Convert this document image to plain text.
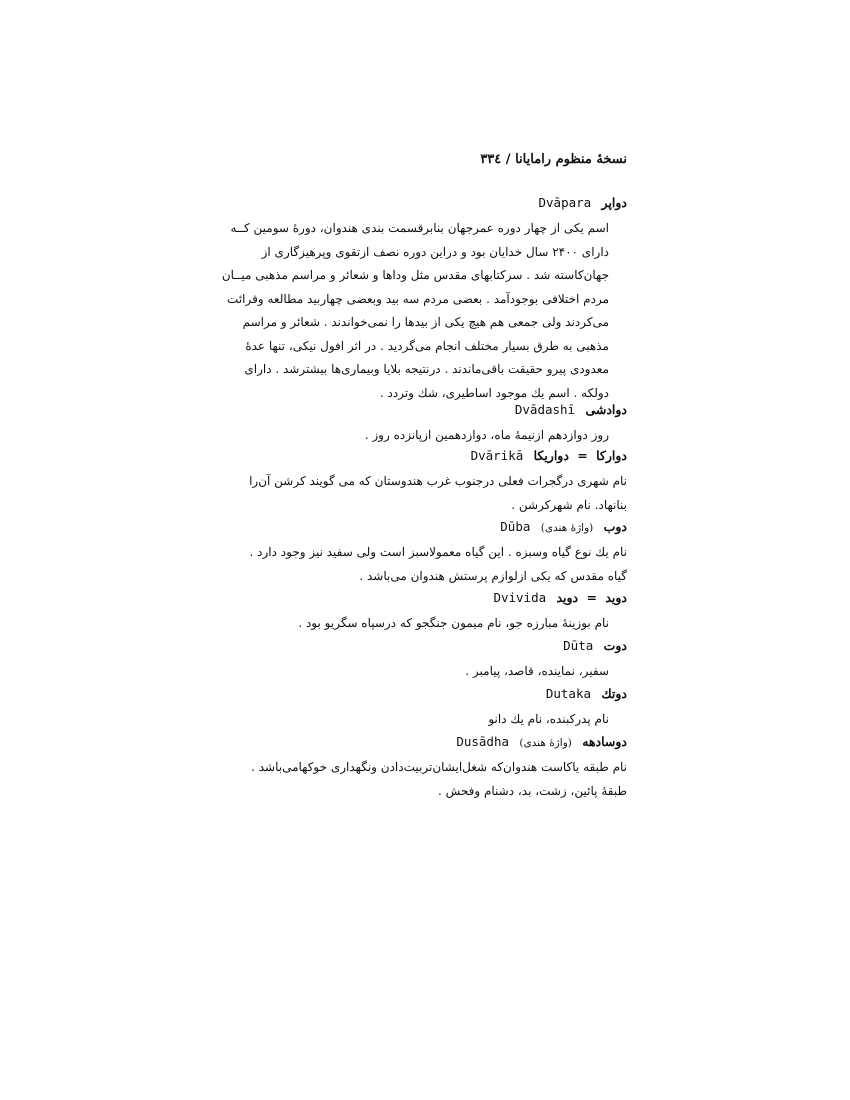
نسخهٔ منظوم رامایانا / ۳۳٤
دواپر Dvāpara
اسم یکی از چهار دوره عمرجهان بنابرقسمت بندی هندوان، دورهٔ سومین کــه
دارای ۲۴۰۰ سال خدایان بود و دراین دوره نصف ازتقوی وپرهیزگاری از
جهان‌کاسته شد . سرکتابهای مقدس مثل وداها و شعائر و مراسم مذهبی میــان
مردم اختلافی بوجودآمد . بعضی مردم سه بید وبعضی چهاربید مطالعه وقرائت
می‌کردند ولی جمعی هم هیچ یکی از بیدها را نمی‌خواندند . شعائر و مراسم
مذهبی به طرق بسیار مختلف انجام می‌گردید . در اثر افول نیکی، تنها عدهٔ
معدودی پیرو حقیقت باقی‌ماندند . درنتیجه بلایا وبیماری‌ها بیشترشد . دارای
دولکه . اسم یك موجود اساطیری، شك وتردد .
دوادشی Dvādashī
روز دوازدهم ازنیمهٔ ماه، دوازدهمین ازپانزده روز .
دوارکا = دواریکا Dvārikā
نام شهری درگجرات فعلی درجنوب غرب هندوستان که می گویند کرشن آن‌را
بنانهاد. نام شهرکرشن .
دوب (واژهٔ هندی) Dūba
نام یك نوع گیاه وسبزه . این گیاه معمولاسبز است ولی سفید نیز وجود دارد .
گیاه مقدس که یکی ازلوازم پرستش هندوان می‌باشد .
دوید = دوید Dvivida
نام بوزینهٔ مبارزه جو، نام میمون جنگجو که درسپاه سگریو بود .
دوت Dūta
سفیر، نماینده، قاصد، پیامبر .
دوتك Dutaka
نام پدرکبنده، نام یك دانو
دوسادهه (واژهٔ هندی) Dusādha
نام طبقه یاکاست هندوان‌که شغل‌ایشان‌تربیت‌دادن ونگهداری خوکها‌می‌باشد .
طبقهٔ پائین، زشت، بد، دشنام وفحش .
